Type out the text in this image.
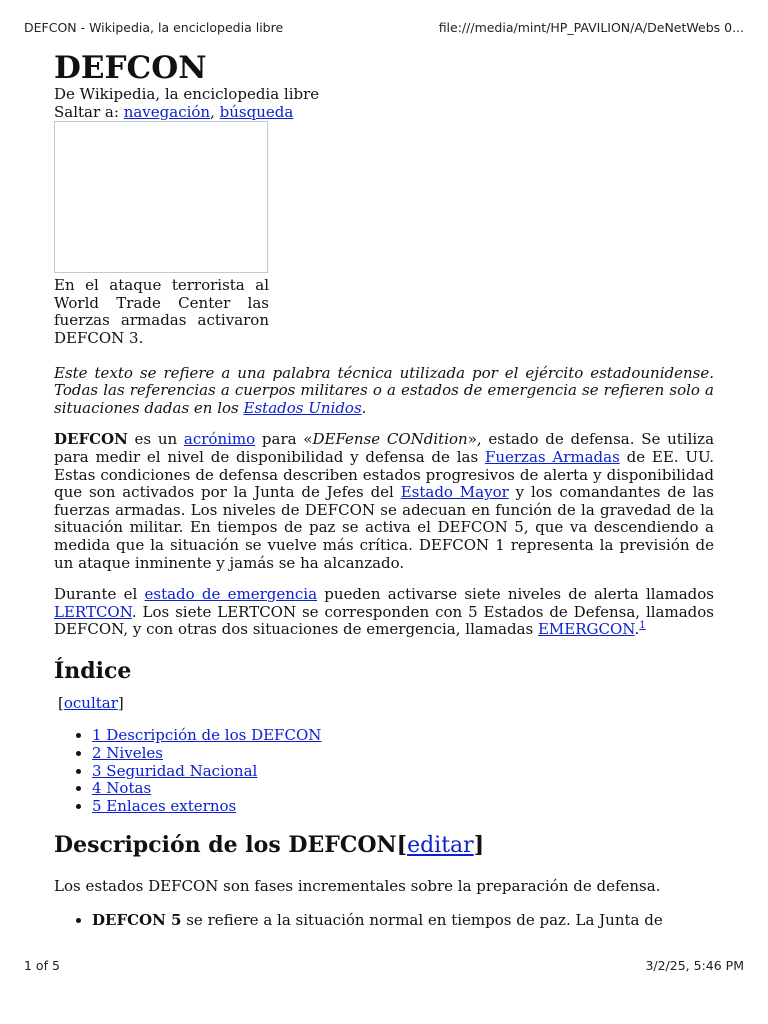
DEFCON - Wikipedia, la enciclopedia libre	file:///media/mint/HP_PAVILION/A/DeNetWebs 0...
DEFCON
De Wikipedia, la enciclopedia libre
Saltar a: navegación, búsqueda
En el ataque terrorista al World Trade Center las fuerzas armadas activaron DEFCON 3.

Este texto se refiere a una palabra técnica utilizada por el ejército estadounidense. Todas las referencias a cuerpos militares o a estados de emergencia se refieren solo a situaciones dadas en los Estados Unidos.

DEFCON es un acrónimo para «DEFense CONdition», estado de defensa. Se utiliza para medir el nivel de disponibilidad y defensa de las Fuerzas Armadas de EE. UU. Estas condiciones de defensa describen estados progresivos de alerta y disponibilidad que son activados por la Junta de Jefes del Estado Mayor y los comandantes de las fuerzas armadas. Los niveles de DEFCON se adecuan en función de la gravedad de la situación militar. En tiempos de paz se activa el DEFCON 5, que va descendiendo a medida que la situación se vuelve más crítica. DEFCON 1 representa la previsión de un ataque inminente y jamás se ha alcanzado.

Durante el estado de emergencia pueden activarse siete niveles de alerta llamados LERTCON. Los siete LERTCON se corresponden con 5 Estados de Defensa, llamados DEFCON, y con otras dos situaciones de emergencia, llamadas EMERGCON.$^1$

Índice
[ocultar]
• 1 Descripción de los DEFCON
• 2 Niveles
• 3 Seguridad Nacional
• 4 Notas
• 5 Enlaces externos
Descripción de los DEFCON[editar]

Los estados DEFCON son fases incrementales sobre la preparación de defensa.

• DEFCON 5 se refiere a la situación normal en tiempos de paz. La Junta de
1 of 5	3/2/25, 5:46 PM
